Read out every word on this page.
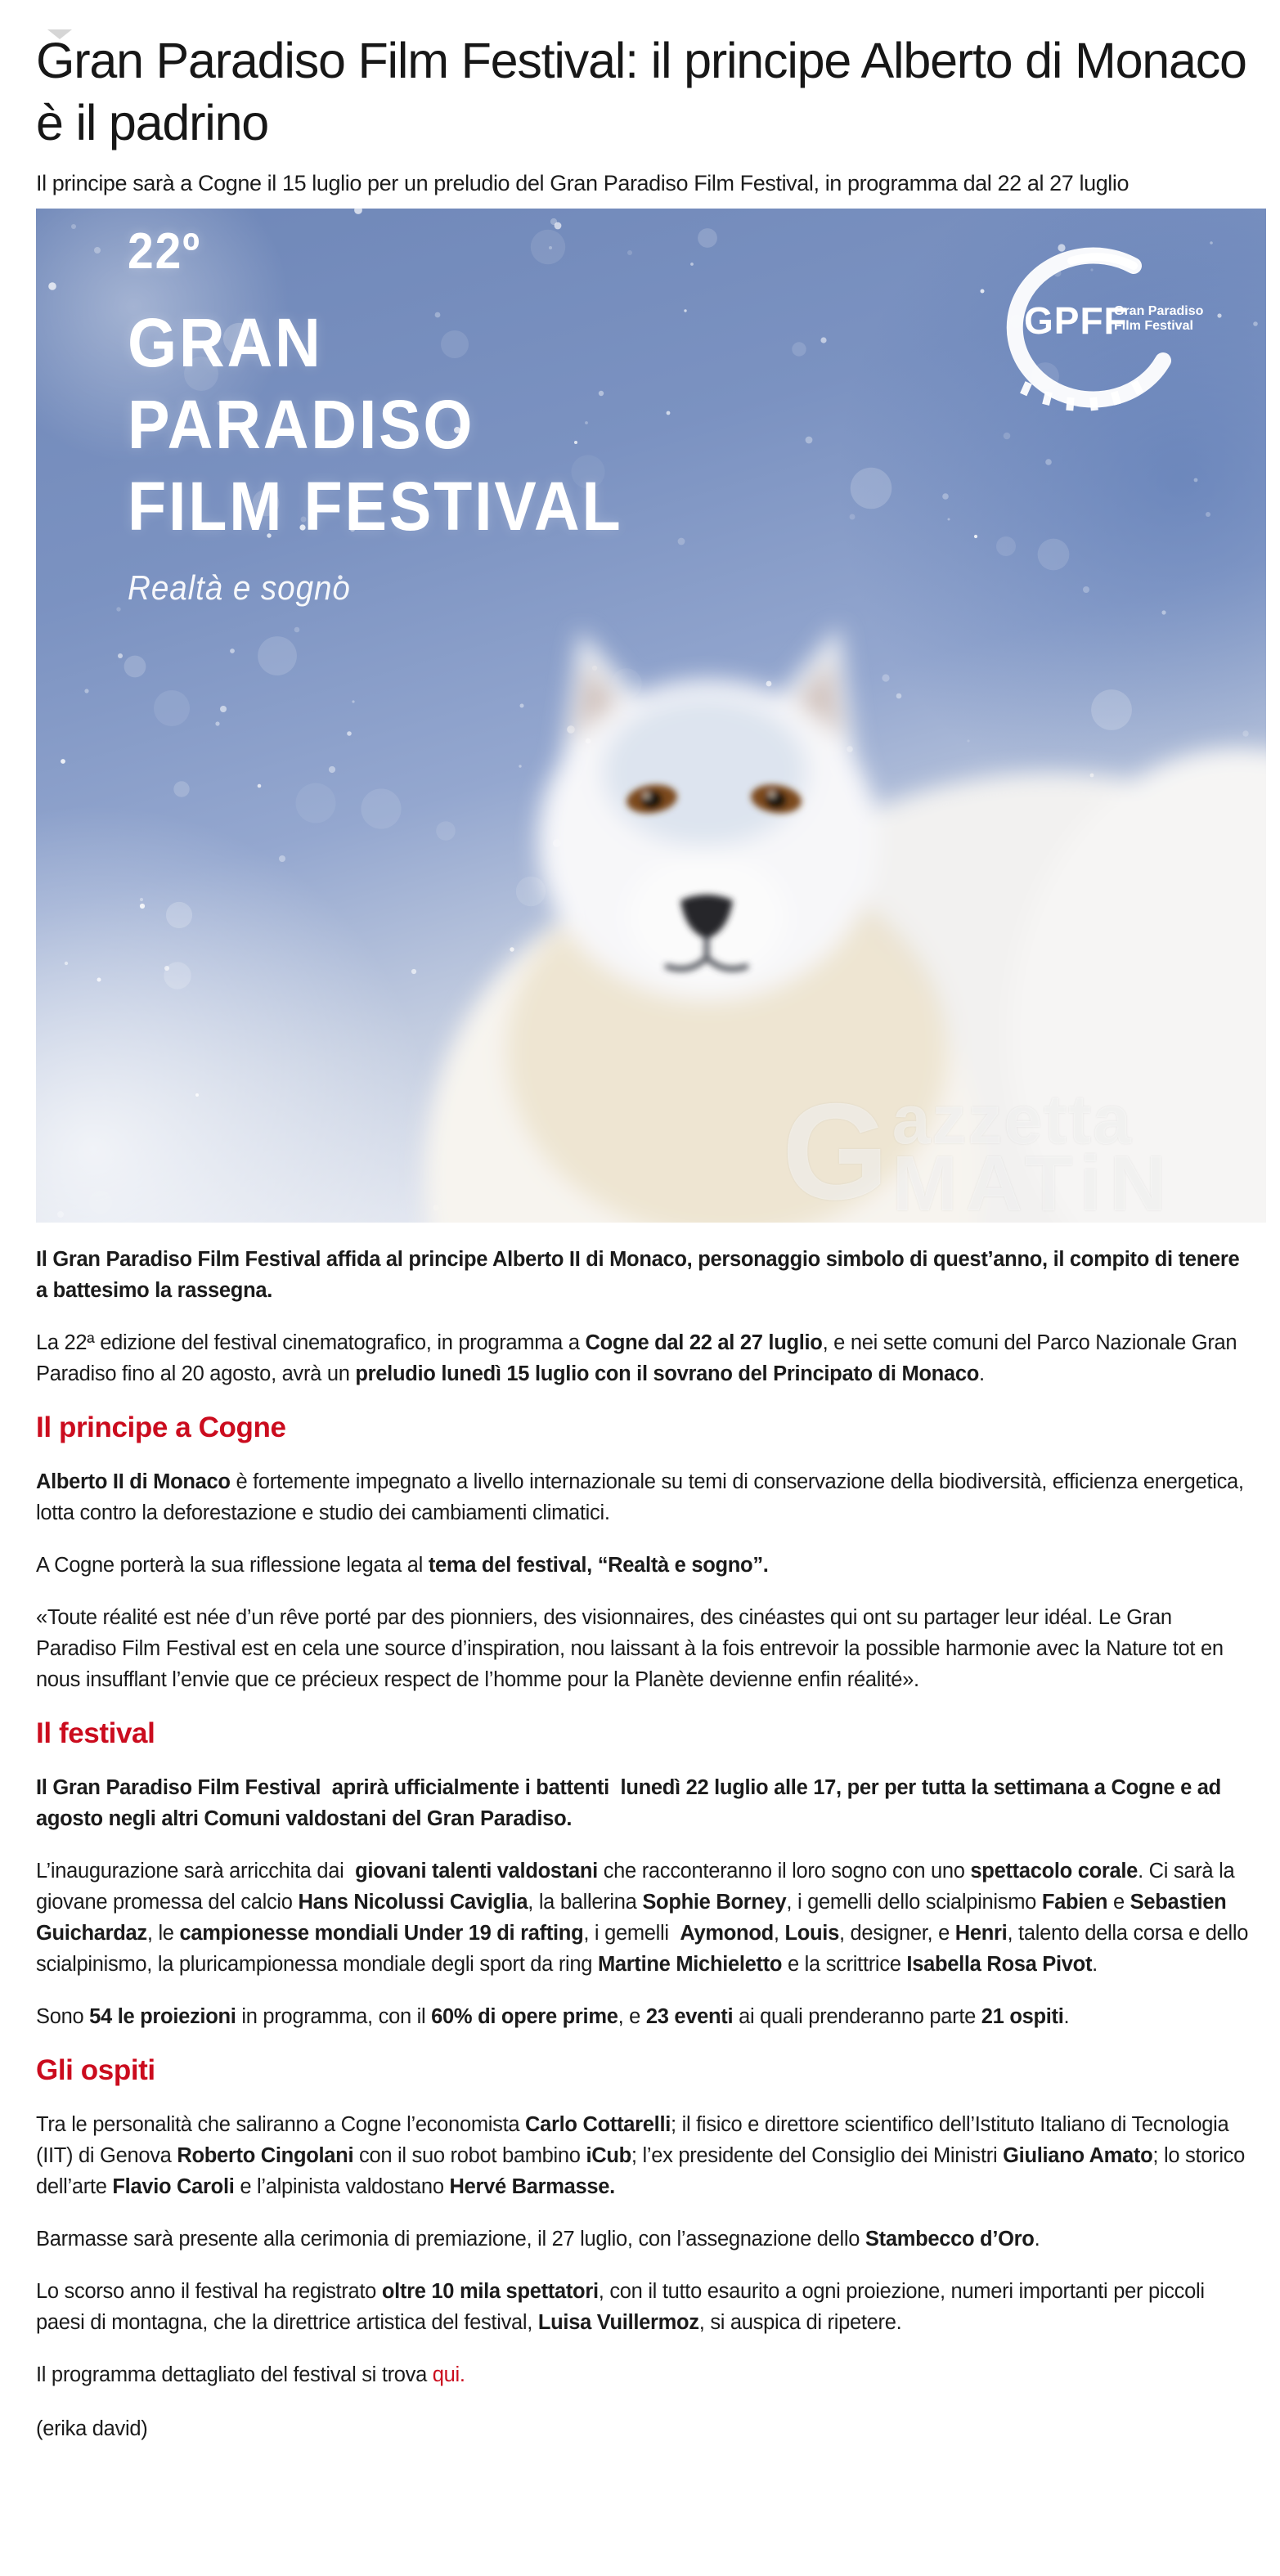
Gran Paradiso Film Festival: il principe Alberto di Monaco è il padrino

Il principe sarà a Cogne il 15 luglio per un preludio del Gran Paradiso Film Festival, in programma dal 22 al 27 luglio

22º
GRAN
PARADISO
FILM FESTIVAL
Realtà e sogno
GPFF
Gran Paradiso
Film Festival
G azzetta
MATiN

Il Gran Paradiso Film Festival affida al principe Alberto II di Monaco, personaggio simbolo di quest’anno, il compito di tenere a battesimo la rassegna.

La 22ª edizione del festival cinematografico, in programma a Cogne dal 22 al 27 luglio, e nei sette comuni del Parco Nazionale Gran Paradiso fino al 20 agosto, avrà un preludio lunedì 15 luglio con il sovrano del Principato di Monaco.

Il principe a Cogne

Alberto II di Monaco è fortemente impegnato a livello internazionale su temi di conservazione della biodiversità, efficienza energetica, lotta contro la deforestazione e studio dei cambiamenti climatici.

A Cogne porterà la sua riflessione legata al tema del festival, “Realtà e sogno”.

«Toute réalité est née d’un rêve porté par des pionniers, des visionnaires, des cinéastes qui ont su partager leur idéal. Le Gran Paradiso Film Festival est en cela une source d’inspiration, nou laissant à la fois entrevoir la possible harmonie avec la Nature tot en nous insufflant l’envie que ce précieux respect de l’homme pour la Planète devienne enfin réalité».

Il festival

Il Gran Paradiso Film Festival  aprirà ufficialmente i battenti  lunedì 22 luglio alle 17, per per tutta la settimana a Cogne e ad agosto negli altri Comuni valdostani del Gran Paradiso.

L’inaugurazione sarà arricchita dai  giovani talenti valdostani che racconteranno il loro sogno con uno spettacolo corale. Ci sarà la giovane promessa del calcio Hans Nicolussi Caviglia, la ballerina Sophie Borney, i gemelli dello scialpinismo Fabien e Sebastien Guichardaz, le campionesse mondiali Under 19 di rafting, i gemelli  Aymonod, Louis, designer, e Henri, talento della corsa e dello scialpinismo, la pluricampionessa mondiale degli sport da ring Martine Michieletto e la scrittrice Isabella Rosa Pivot.

Sono 54 le proiezioni in programma, con il 60% di opere prime, e 23 eventi ai quali prenderanno parte 21 ospiti.

Gli ospiti

Tra le personalità che saliranno a Cogne l’economista Carlo Cottarelli; il fisico e direttore scientifico dell’Istituto Italiano di Tecnologia (IIT) di Genova Roberto Cingolani con il suo robot bambino iCub; l’ex presidente del Consiglio dei Ministri Giuliano Amato; lo storico dell’arte Flavio Caroli e l’alpinista valdostano Hervé Barmasse.

Barmasse sarà presente alla cerimonia di premiazione, il 27 luglio, con l’assegnazione dello Stambecco d’Oro.

Lo scorso anno il festival ha registrato oltre 10 mila spettatori, con il tutto esaurito a ogni proiezione, numeri importanti per piccoli paesi di montagna, che la direttrice artistica del festival, Luisa Vuillermoz, si auspica di ripetere.

Il programma dettagliato del festival si trova qui.

(erika david)
